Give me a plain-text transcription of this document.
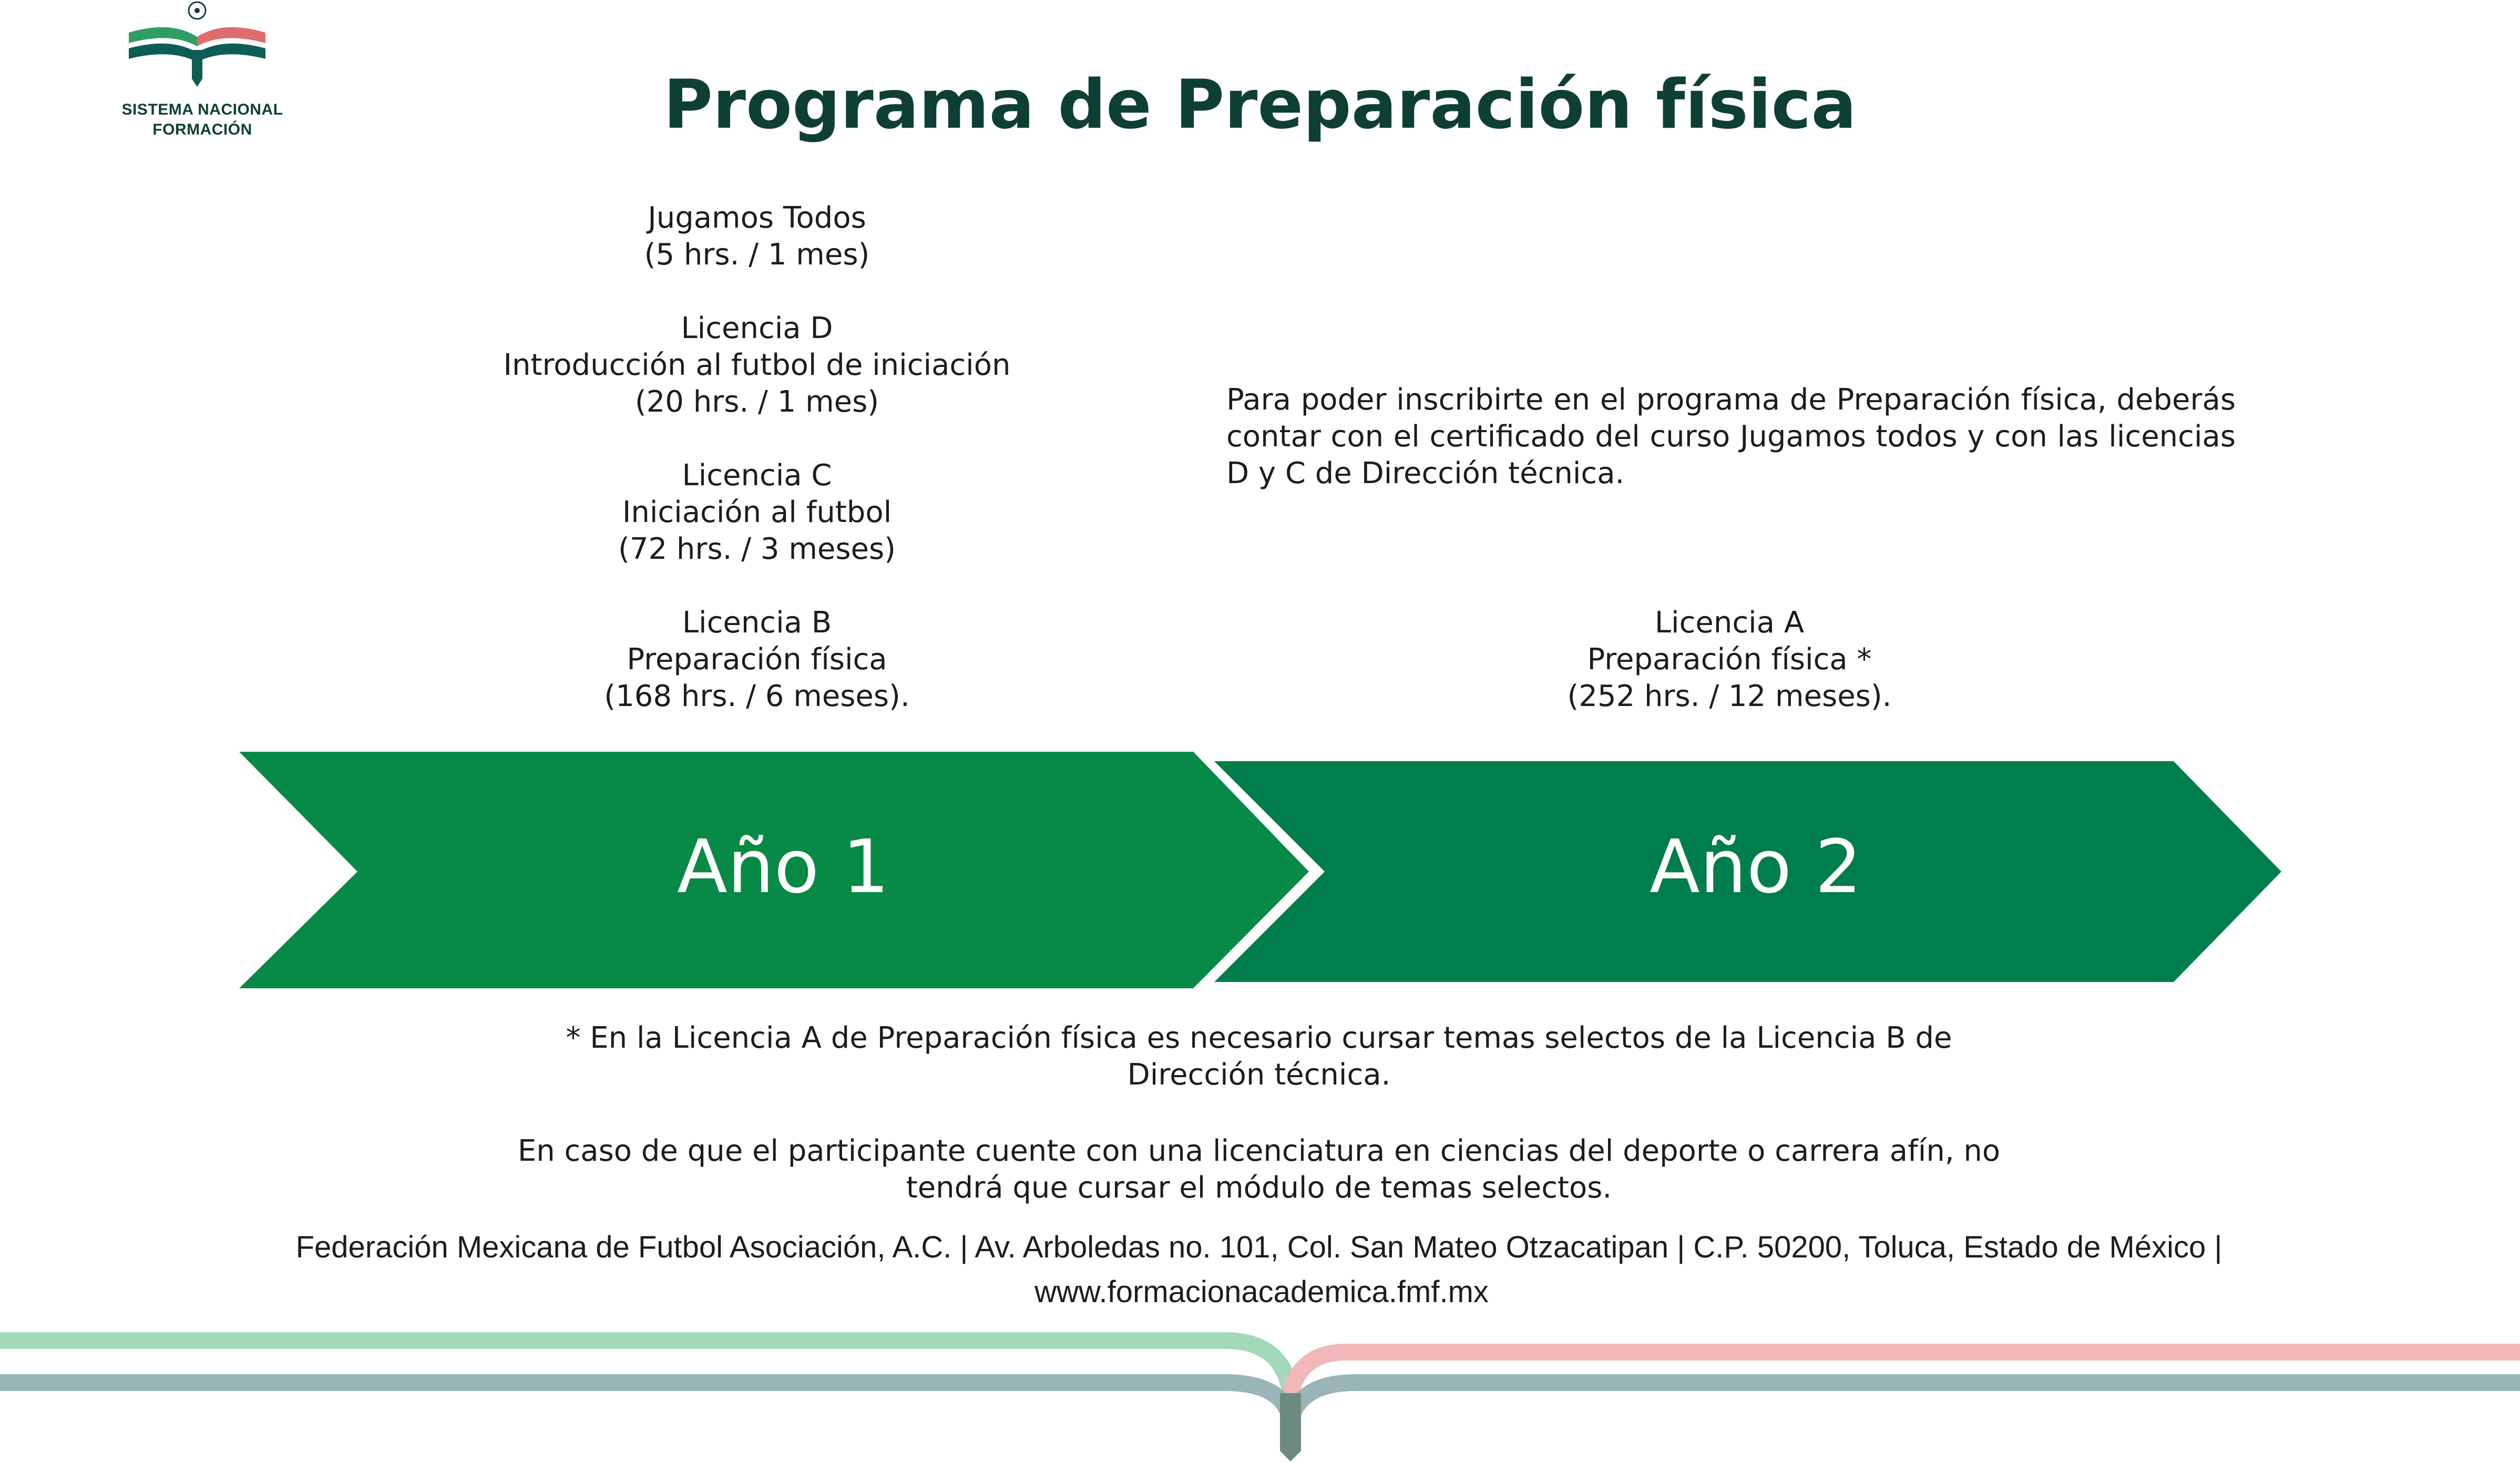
SISTEMA NACIONAL
FORMACIÓN	Programa de Preparación física
Jugamos Todos
(5 hrs. / 1 mes)
Licencia D
Introducción al futbol de iniciación
(20 hrs. / 1 mes)
Licencia C
Iniciación al futbol
(72 hrs. / 3 meses)
Licencia B
Preparación física
(168 hrs. / 6 meses).

Para poder inscribirte en el programa de Preparación física, deberás contar con el certificado del curso Jugamos todos y con las licencias D y C de Dirección técnica.

Licencia A
Preparación física *
(252 hrs. / 12 meses).
Año 1	Año 2
* En la Licencia A de Preparación física es necesario cursar temas selectos de la Licencia B de
Dirección técnica.
En caso de que el participante cuente con una licenciatura en ciencias del deporte o carrera afín, no
tendrá que cursar el módulo de temas selectos.
Federación Mexicana de Futbol Asociación, A.C. | Av. Arboledas no. 101, Col. San Mateo Otzacatipan | C.P. 50200, Toluca, Estado de México |
www.formacionacademica.fmf.mx
